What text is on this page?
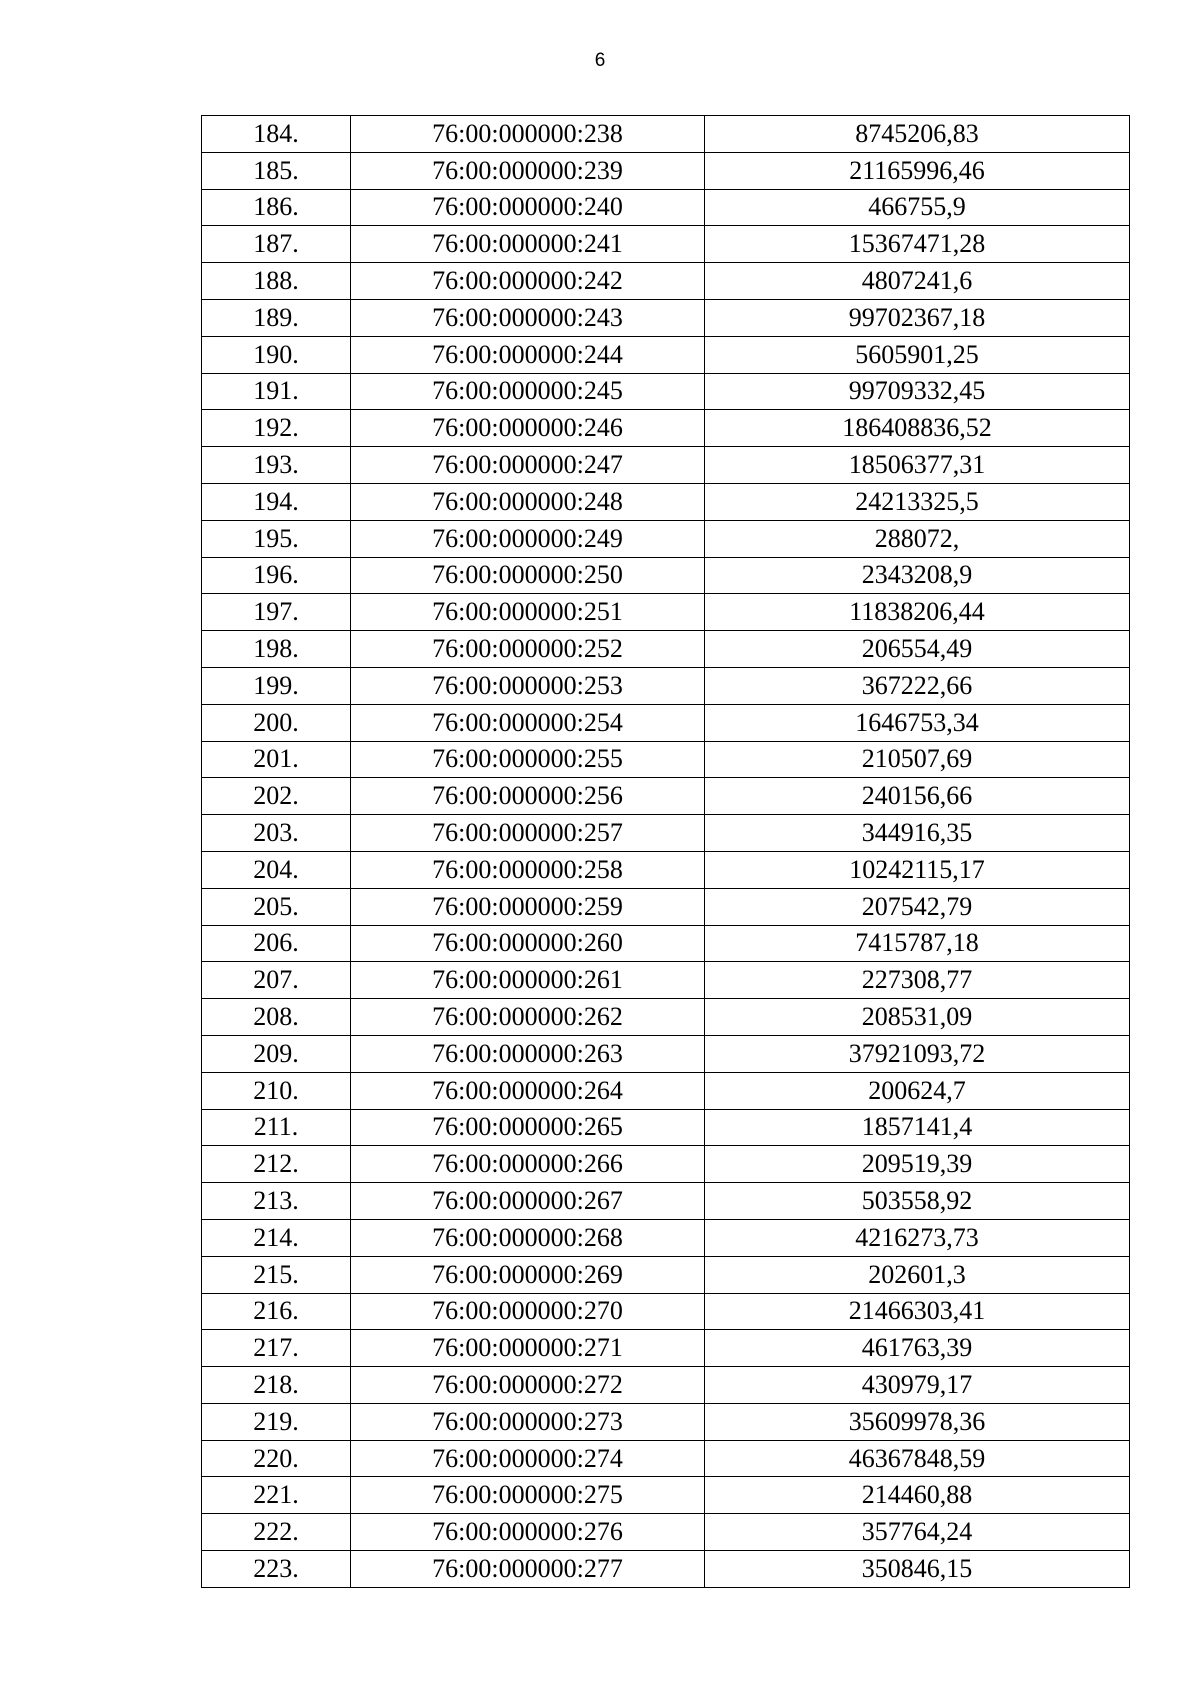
6
184.	76:00:000000:238	8745206,83
185.	76:00:000000:239	21165996,46
186.	76:00:000000:240	466755,9
187.	76:00:000000:241	15367471,28
188.	76:00:000000:242	4807241,6
189.	76:00:000000:243	99702367,18
190.	76:00:000000:244	5605901,25
191.	76:00:000000:245	99709332,45
192.	76:00:000000:246	186408836,52
193.	76:00:000000:247	18506377,31
194.	76:00:000000:248	24213325,5
195.	76:00:000000:249	288072,
196.	76:00:000000:250	2343208,9
197.	76:00:000000:251	11838206,44
198.	76:00:000000:252	206554,49
199.	76:00:000000:253	367222,66
200.	76:00:000000:254	1646753,34
201.	76:00:000000:255	210507,69
202.	76:00:000000:256	240156,66
203.	76:00:000000:257	344916,35
204.	76:00:000000:258	10242115,17
205.	76:00:000000:259	207542,79
206.	76:00:000000:260	7415787,18
207.	76:00:000000:261	227308,77
208.	76:00:000000:262	208531,09
209.	76:00:000000:263	37921093,72
210.	76:00:000000:264	200624,7
211.	76:00:000000:265	1857141,4
212.	76:00:000000:266	209519,39
213.	76:00:000000:267	503558,92
214.	76:00:000000:268	4216273,73
215.	76:00:000000:269	202601,3
216.	76:00:000000:270	21466303,41
217.	76:00:000000:271	461763,39
218.	76:00:000000:272	430979,17
219.	76:00:000000:273	35609978,36
220.	76:00:000000:274	46367848,59
221.	76:00:000000:275	214460,88
222.	76:00:000000:276	357764,24
223.	76:00:000000:277	350846,15
